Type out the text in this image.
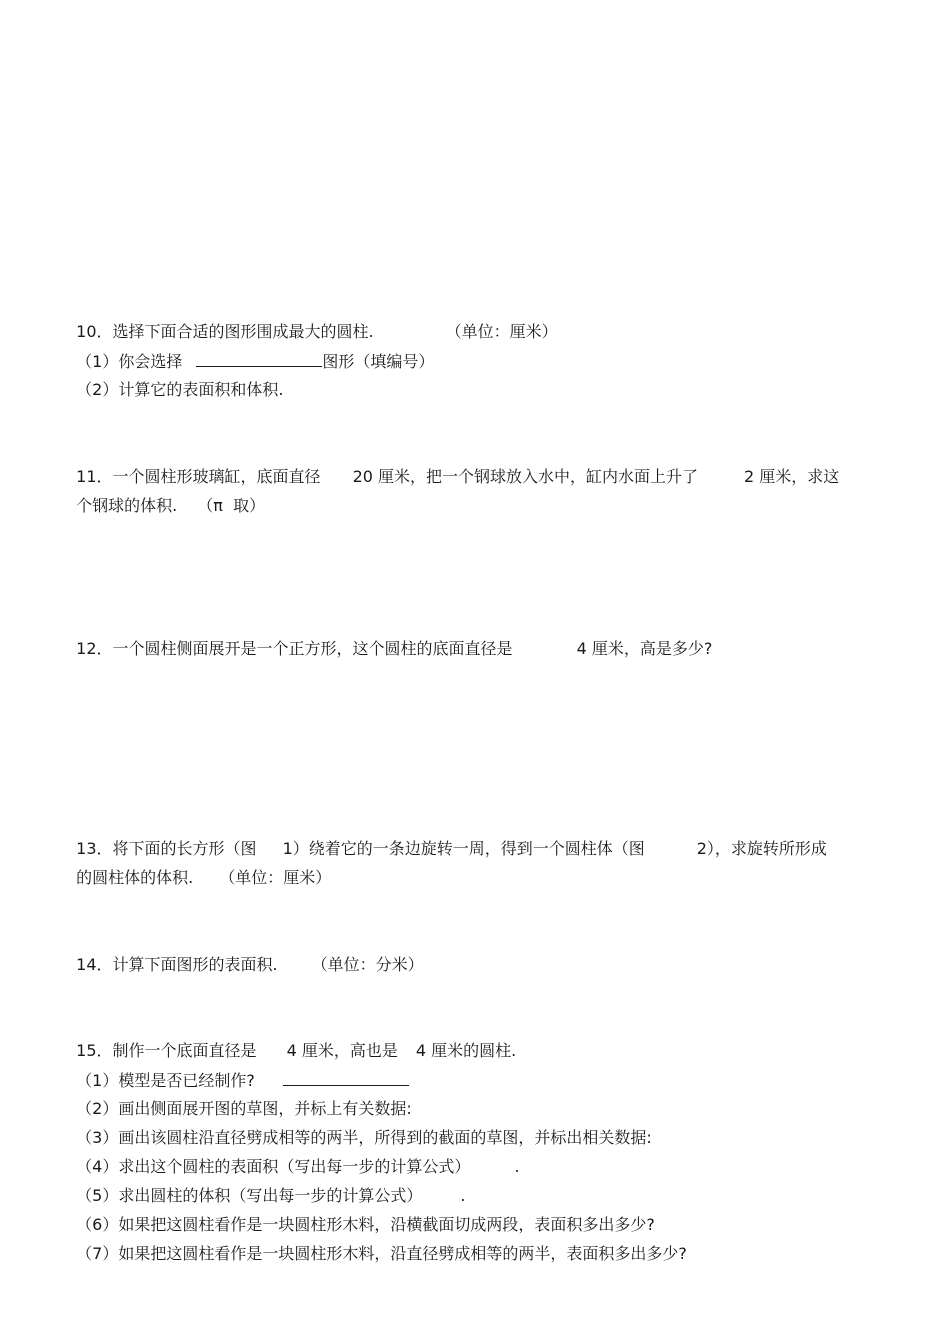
10．选择下面合适的图形围成最大的圆柱.	（单位：厘米）

（1）你会选择	图形（填编号）

（2）计算它的表面积和体积.

11．一个圆柱形玻璃缸，底面直径 20 厘米，把一个钢球放入水中，缸内水面上升了	2 厘米，求这

个钢球的体积. （π  取）

12．一个圆柱侧面展开是一个正方形，这个圆柱的底面直径是	4 厘米，高是多少?

13．将下面的长方形（图 1）绕着它的一条边旋转一周，得到一个圆柱体（图	2），求旋转所形成

的圆柱体的体积. （单位：厘米）

14．计算下面图形的表面积. （单位：分米）

15．制作一个底面直径是 4 厘米，高也是 4 厘米的圆柱.

（1）模型是否已经制作?

（2）画出侧面展开图的草图，并标上有关数据:

（3）画出该圆柱沿直径劈成相等的两半，所得到的截面的草图，并标出相关数据:

（4）求出这个圆柱的表面积（写出每一步的计算公式）	.

（5）求出圆柱的体积（写出每一步的计算公式） .

（6）如果把这圆柱看作是一块圆柱形木料，沿横截面切成两段，表面积多出多少?

（7）如果把这圆柱看作是一块圆柱形木料，沿直径劈成相等的两半，表面积多出多少?
